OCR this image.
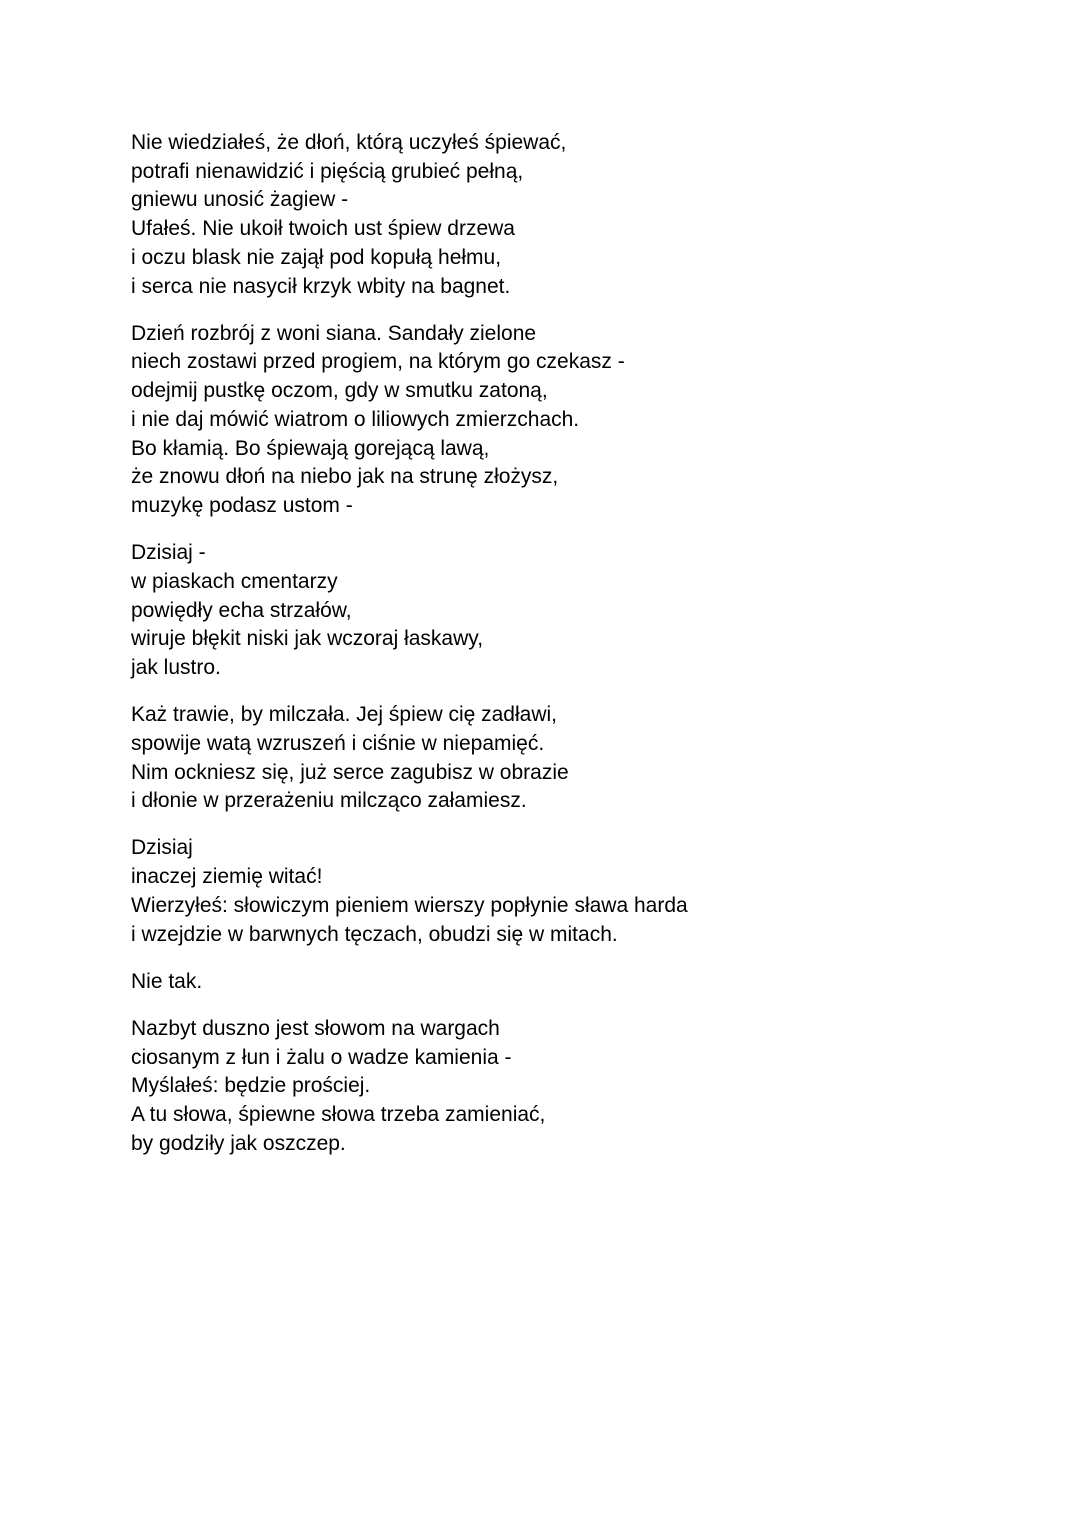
Nie wiedziałeś, że dłoń, którą uczyłeś śpiewać,
potrafi nienawidzić i pięścią grubieć pełną,
gniewu unosić żagiew -
Ufałeś. Nie ukoił twoich ust śpiew drzewa
i oczu blask nie zajął pod kopułą hełmu,
i serca nie nasycił krzyk wbity na bagnet.
Dzień rozbrój z woni siana. Sandały zielone
niech zostawi przed progiem, na którym go czekasz -
odejmij pustkę oczom, gdy w smutku zatoną,
i nie daj mówić wiatrom o liliowych zmierzchach.
Bo kłamią. Bo śpiewają gorejącą lawą,
że znowu dłoń na niebo jak na strunę złożysz,
muzykę podasz ustom -
Dzisiaj -
w piaskach cmentarzy
powiędły echa strzałów,
wiruje błękit niski jak wczoraj łaskawy,
jak lustro.
Każ trawie, by milczała. Jej śpiew cię zadławi,
spowije watą wzruszeń i ciśnie w niepamięć.
Nim ockniesz się, już serce zagubisz w obrazie
i dłonie w przerażeniu milcząco załamiesz.
Dzisiaj
inaczej ziemię witać!
Wierzyłeś: słowiczym pieniem wierszy popłynie sława harda
i wzejdzie w barwnych tęczach, obudzi się w mitach.
Nie tak.
Nazbyt duszno jest słowom na wargach
ciosanym z łun i żalu o wadze kamienia -
Myślałeś: będzie prościej.
A tu słowa, śpiewne słowa trzeba zamieniać,
by godziły jak oszczep.
